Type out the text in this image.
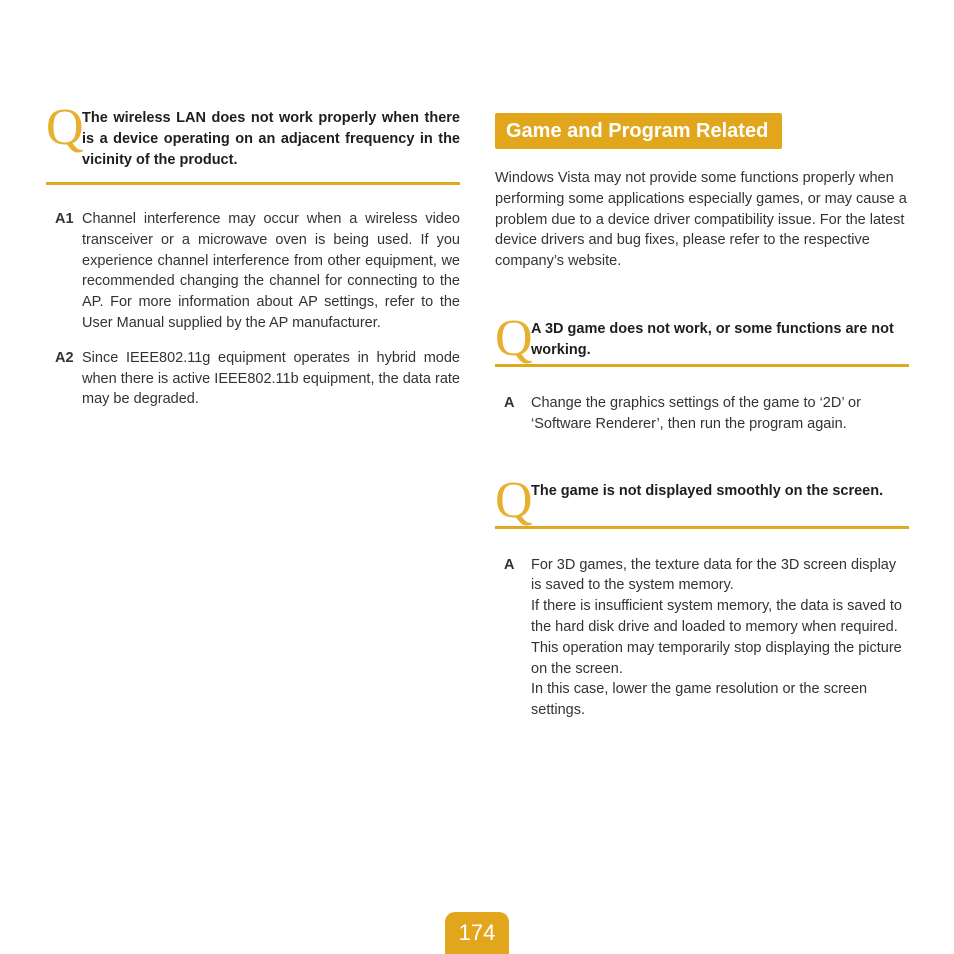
Q
The wireless LAN does not work properly when there is a device operating on an adjacent frequency in the vicinity of the product.
A1 Channel interference may occur when a wireless video transceiver or a microwave oven is being used. If you experience channel interference from other equipment, we recommended changing the channel for connecting to the AP. For more information about AP settings, refer to the User Manual supplied by the AP manufacturer.
A2 Since IEEE802.11g equipment operates in hybrid mode when there is active IEEE802.11b equipment, the data rate may be degraded.
Game and Program Related
Windows Vista may not provide some functions properly when performing some applications especially games, or may cause a problem due to a device driver compatibility issue. For the latest device drivers and bug fixes, please refer to the respective company’s website.
Q
A 3D game does not work, or some functions are not working.
A	Change the graphics settings of the game to ‘2D’ or ‘Software Renderer’, then run the program again.

Q
The game is not displayed smoothly on the screen.
A	For 3D games, the texture data for the 3D screen display is saved to the system memory.

If there is insufficient system memory, the data is saved to the hard disk drive and loaded to memory when required. This operation may temporarily stop displaying the picture on the screen.

In this case, lower the game resolution or the screen settings.

174
